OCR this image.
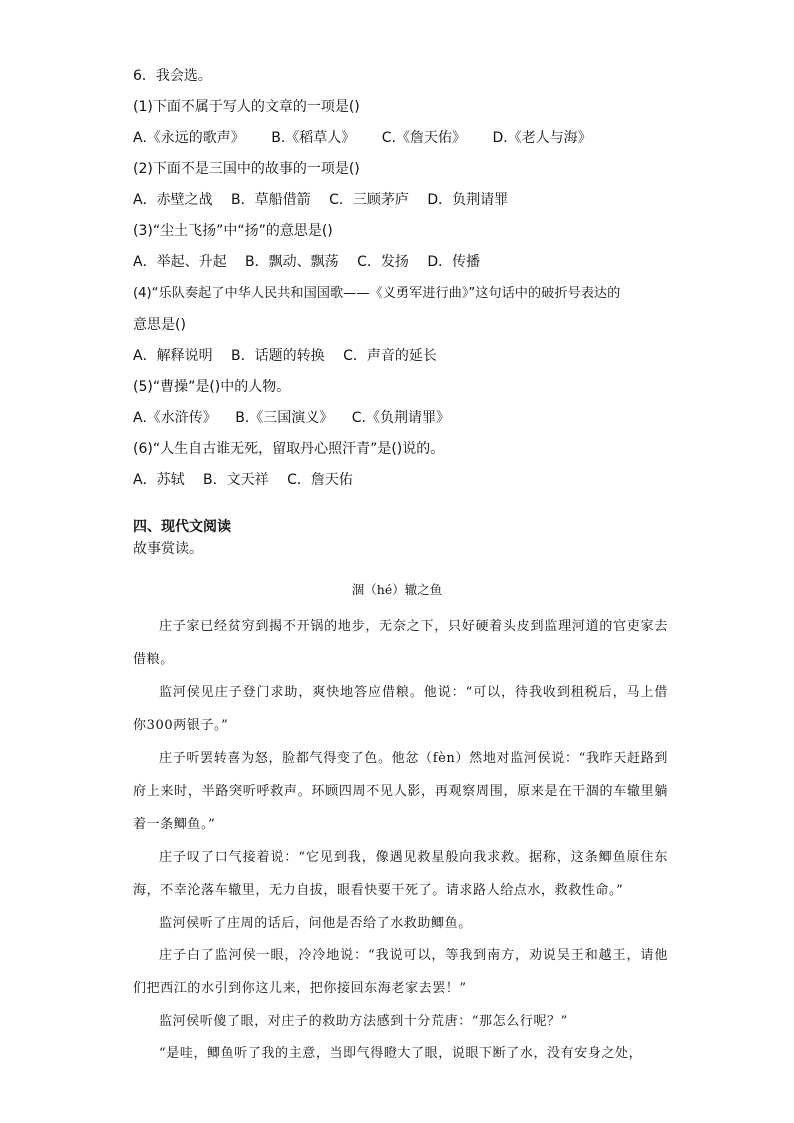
6．我会选。
(1)下面不属于写人的文章的一项是()
A.《永远的歌声》 B.《稻草人》 C.《詹天佑》 D.《老人与海》
(2)下面不是三国中的故事的一项是()
A．赤壁之战 B．草船借箭 C．三顾茅庐 D．负荆请罪
(3)“尘土飞扬”中“扬”的意思是()
A．举起、升起 B．飘动、飘荡 C．发扬 D．传播
(4)“乐队奏起了中华人民共和国国歌——《义勇军进行曲》”这句话中的破折号表达的
意思是()
A．解释说明 B．话题的转换 C．声音的延长
(5)“曹操”是()中的人物。
A.《水浒传》 B.《三国演义》 C.《负荆请罪》
(6)“人生自古谁无死，留取丹心照汗青”是()说的。
A．苏轼 B．文天祥 C．詹天佑
四、现代文阅读
故事赏读。
涸（hé）辙之鱼
庄子家已经贫穷到揭不开锅的地步，无奈之下，只好硬着头皮到监理河道的官吏家去借粮。
监河侯见庄子登门求助，爽快地答应借粮。他说：“可以，待我收到租税后，马上借你300两银子。”
庄子听罢转喜为怒，脸都气得变了色。他忿（fèn）然地对监河侯说：“我昨天赶路到府上来时，半路突听呼救声。环顾四周不见人影，再观察周围，原来是在干涸的车辙里躺着一条鲫鱼。”
庄子叹了口气接着说：“它见到我，像遇见救星般向我求救。据称，这条鲫鱼原住东海，不幸沦落车辙里，无力自拔，眼看快要干死了。请求路人给点水，救救性命。”
监河侯听了庄周的话后，问他是否给了水救助鲫鱼。
庄子白了监河侯一眼，冷冷地说：“我说可以，等我到南方，劝说吴王和越王，请他们把西江的水引到你这儿来，把你接回东海老家去罢！”
监河侯听傻了眼，对庄子的救助方法感到十分荒唐：“那怎么行呢？”
“是哇，鲫鱼听了我的主意，当即气得瞪大了眼，说眼下断了水，没有安身之处，
